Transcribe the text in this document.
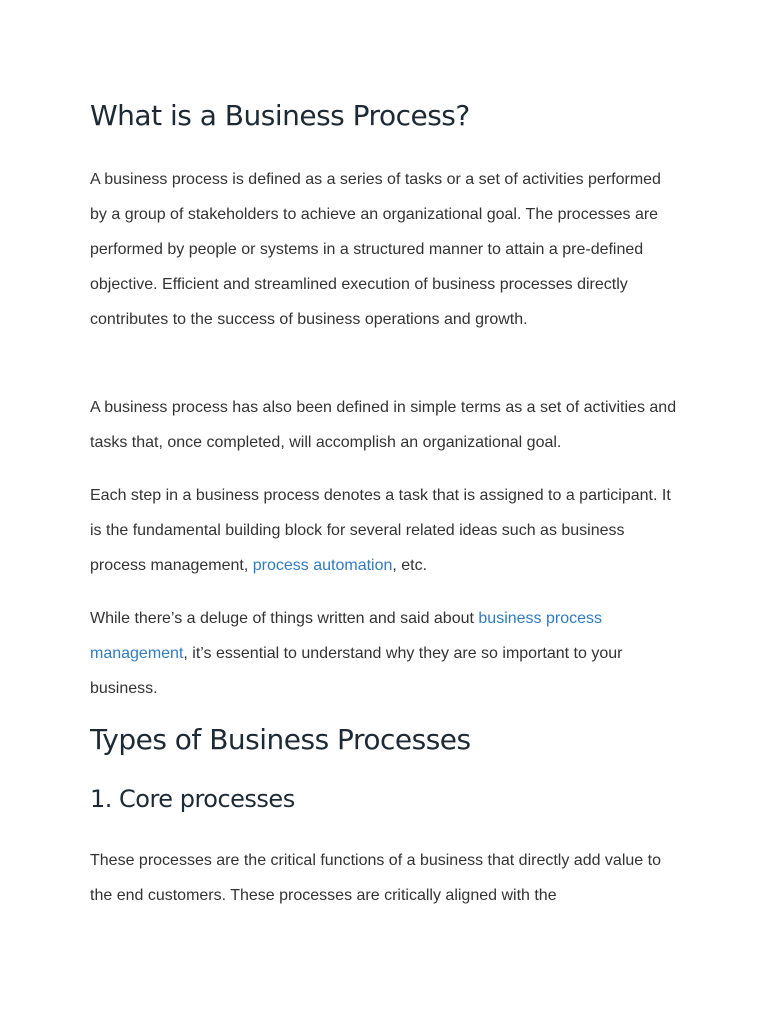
What is a Business Process?

A business process is defined as a series of tasks or a set of activities performed by a group of stakeholders to achieve an organizational goal. The processes are performed by people or systems in a structured manner to attain a pre-defined objective. Efficient and streamlined execution of business processes directly contributes to the success of business operations and growth.

A business process has also been defined in simple terms as a set of activities and tasks that, once completed, will accomplish an organizational goal.

Each step in a business process denotes a task that is assigned to a participant. It is the fundamental building block for several related ideas such as business process management, process automation, etc.

While there’s a deluge of things written and said about business process management, it’s essential to understand why they are so important to your business.

Types of Business Processes
1. Core processes

These processes are the critical functions of a business that directly add value to the end customers. These processes are critically aligned with the
